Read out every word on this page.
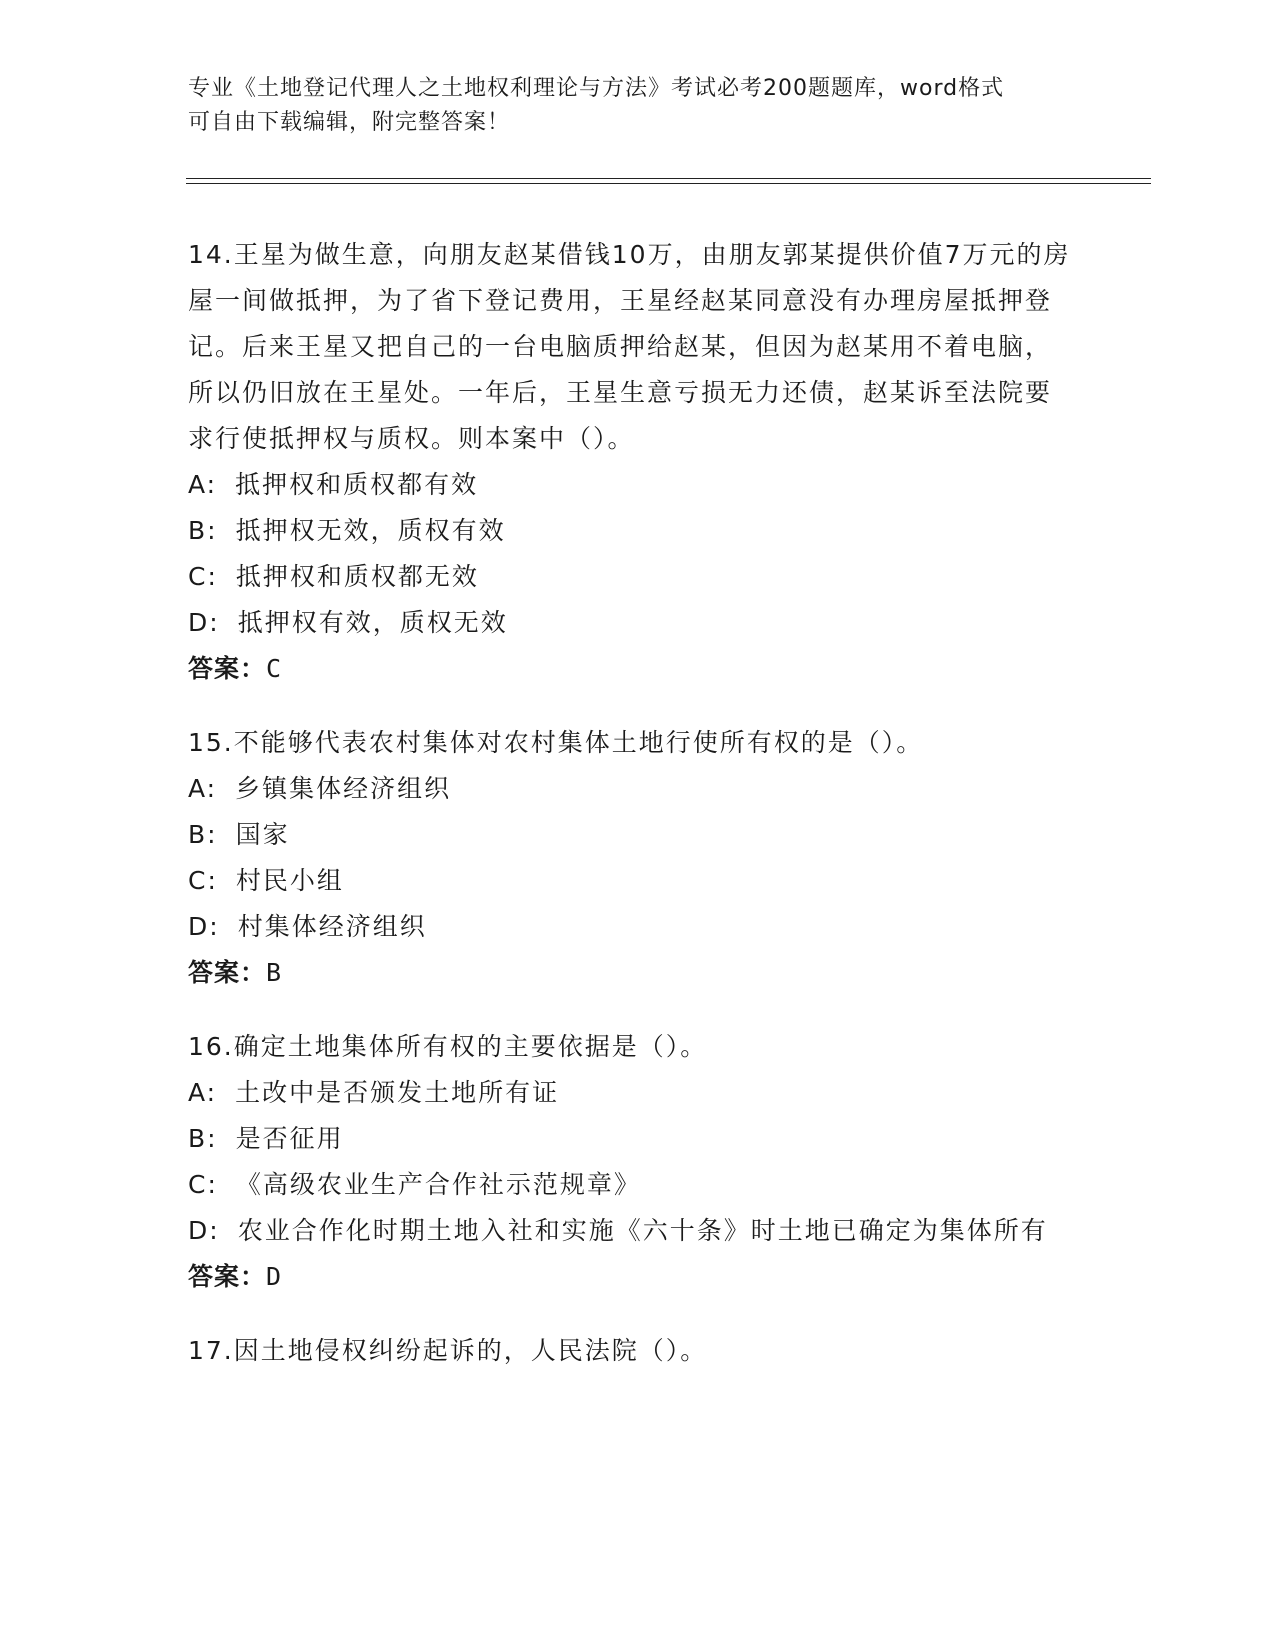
专业《土地登记代理人之土地权利理论与方法》考试必考200题题库，word格式
可自由下载编辑，附完整答案！

14.王星为做生意，向朋友赵某借钱10万，由朋友郭某提供价值7万元的房屋一间做抵押，为了省下登记费用，王星经赵某同意没有办理房屋抵押登记。后来王星又把自己的一台电脑质押给赵某，但因为赵某用不着电脑，所以仍旧放在王星处。一年后，王星生意亏损无力还债，赵某诉至法院要求行使抵押权与质权。则本案中（）。

A: 抵押权和质权都有效

B: 抵押权无效，质权有效

C: 抵押权和质权都无效

D: 抵押权有效，质权无效

答案：C

15.不能够代表农村集体对农村集体土地行使所有权的是（）。

A: 乡镇集体经济组织

B: 国家

C: 村民小组

D: 村集体经济组织

答案：B

16.确定土地集体所有权的主要依据是（）。

A: 土改中是否颁发土地所有证

B: 是否征用

C: 《高级农业生产合作社示范规章》

D: 农业合作化时期土地入社和实施《六十条》时土地已确定为集体所有

答案：D

17.因土地侵权纠纷起诉的，人民法院（）。
